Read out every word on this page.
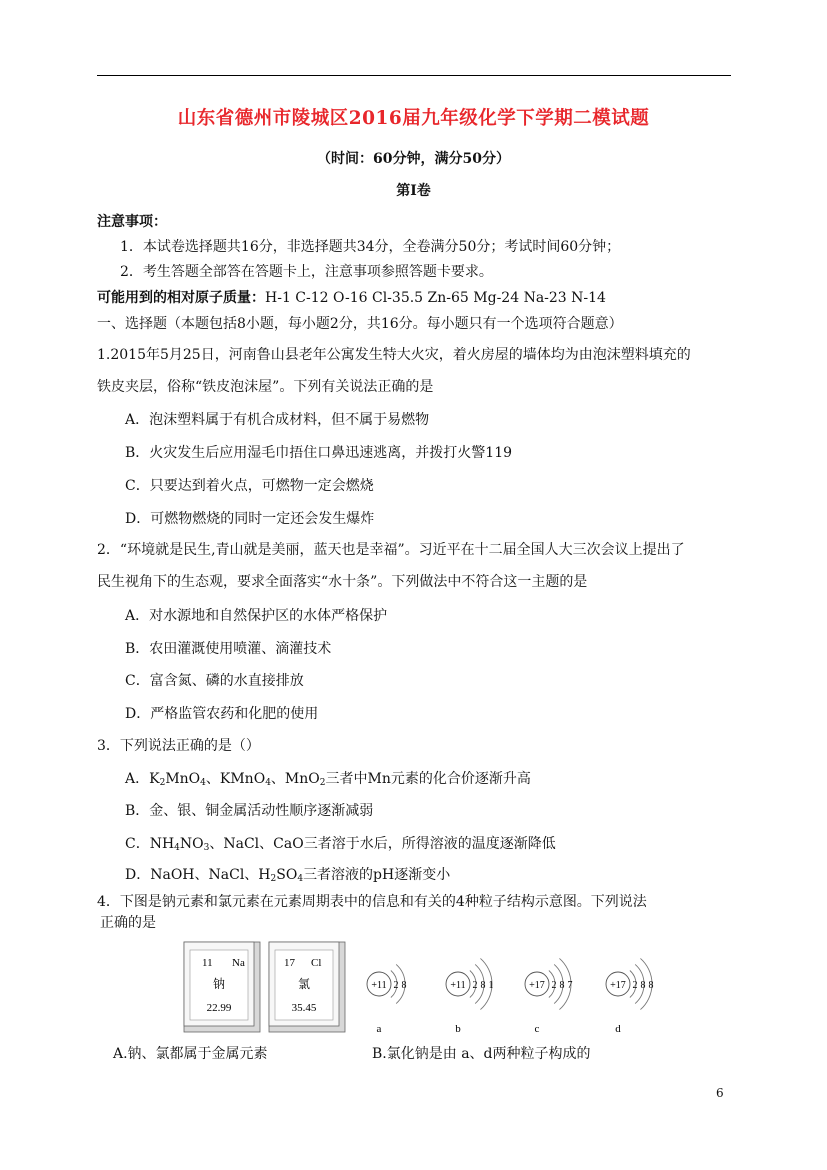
山东省德州市陵城区2016届九年级化学下学期二模试题
（时间：60分钟，满分50分）
第Ⅰ卷
注意事项：
1．本试卷选择题共16分，非选择题共34分，全卷满分50分；考试时间60分钟；
2．考生答题全部答在答题卡上，注意事项参照答题卡要求。
可能用到的相对原子质量：H-1 C-12 O-16 Cl-35.5 Zn-65 Mg-24 Na-23 N-14
一、选择题（本题包括8小题，每小题2分，共16分。每小题只有一个选项符合题意）
1.2015年5月25日，河南鲁山县老年公寓发生特大火灾，着火房屋的墙体均为由泡沫塑料填充的
铁皮夹层，俗称“铁皮泡沫屋”。下列有关说法正确的是
A．泡沫塑料属于有机合成材料，但不属于易燃物
B．火灾发生后应用湿毛巾捂住口鼻迅速逃离，并拨打火警119
C．只要达到着火点，可燃物一定会燃烧
D．可燃物燃烧的同时一定还会发生爆炸
2．“环境就是民生,青山就是美丽，蓝天也是幸福”。习近平在十二届全国人大三次会议上提出了
民生视角下的生态观，要求全面落实“水十条”。下列做法中不符合这一主题的是
A．对水源地和自然保护区的水体严格保护
B．农田灌溉使用喷灌、滴灌技术
C．富含氮、磷的水直接排放
D．严格监管农药和化肥的使用
3．下列说法正确的是（）
A．$K_2MnO_4$、KMnO$_4$、MnO$_2$三者中Mn元素的化合价逐渐升高
B．金、银、铜金属活动性顺序逐渐减弱
C．$NH_4NO_3$、NaCl、CaO三者溶于水后，所得溶液的温度逐渐降低
D．NaOH、NaCl、$H_2SO_4$三者溶液的pH逐渐变小
4．下图是钠元素和氯元素在元素周期表中的信息和有关的4种粒子结构示意图。下列说法
正确的是
11 Na
钠
22.99
17 Cl
氯
35.45
+11 2 8
a
+11 2 8 1
b
+17 2 8 7
c
+17 2 8 8
d
A.钠、氯都属于金属元素	B.氯化钠是由 a、d两种粒子构成的
6
